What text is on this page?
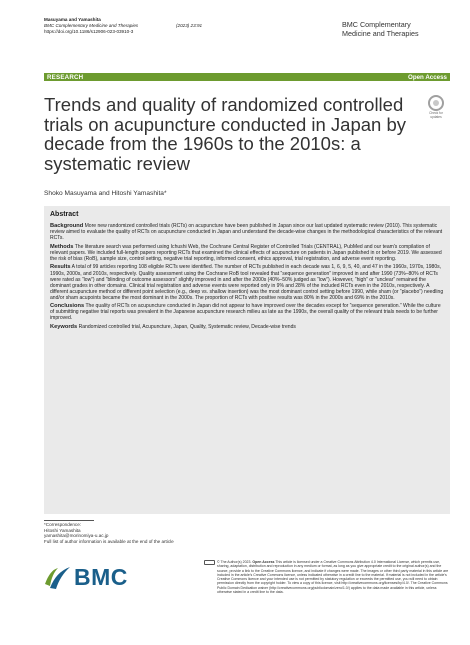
Masuyama and Yamashita
BMC Complementary Medicine and Therapies	(2023) 23:91
https://doi.org/10.1186/s12906-023-03910-3
BMC Complementary
Medicine and Therapies
RESEARCH	Open Access
Trends and quality of randomized controlled trials on acupuncture conducted in Japan by decade from the 1960s to the 2010s: a systematic review
Check for
updates
Shoko Masuyama and Hitoshi Yamashita*
Abstract

Background More new randomized controlled trials (RCTs) on acupuncture have been published in Japan since our last updated systematic review (2010). This systematic review aimed to evaluate the quality of RCTs on acupuncture conducted in Japan and understand the decade-wise changes in the methodological characteristics of the relevant RCTs.

Methods The literature search was performed using Ichushi Web, the Cochrane Central Register of Controlled Trials (CENTRAL), PubMed and our team's compilation of relevant papers. We included full-length papers reporting RCTs that examined the clinical effects of acupuncture on patients in Japan published in or before 2019. We assessed the risk of bias (RoB), sample size, control setting, negative trial reporting, informed consent, ethics approval, trial registration, and adverse event reporting.

Results A total of 99 articles reporting 108 eligible RCTs were identified. The number of RCTs published in each decade was 1, 6, 9, 5, 40, and 47 in the 1960s, 1970s, 1980s, 1990s, 2000s, and 2010s, respectively. Quality assessment using the Cochrane RoB tool revealed that “sequence generation” improved in and after 1990 (73%–80% of RCTs were rated as “low”) and “blinding of outcome assessors” slightly improved in and after the 2000s (40%–50% judged as “low”). However, “high” or “unclear” remained the dominant grades in other domains. Clinical trial registration and adverse events were reported only in 9% and 28% of the included RCTs even in the 2010s, respectively. A different acupuncture method or different point selection (e.g., deep vs. shallow insertion) was the most dominant control setting before 1990, while sham (or “placebo”) needling and/or sham acupoints became the most dominant in the 2000s. The proportion of RCTs with positive results was 80% in the 2000s and 69% in the 2010s.

Conclusions The quality of RCTs on acupuncture conducted in Japan did not appear to have improved over the decades except for “sequence generation.” While the culture of submitting negative trial reports was prevalent in the Japanese acupuncture research milieu as late as the 1990s, the overall quality of the relevant trials needs to be further improved.

Keywords Randomized controlled trial, Acupuncture, Japan, Quality, Systematic review, Decade-wise trends

*Correspondence:
Hitoshi Yamashita
yamashita@morinomiya-u.ac.jp
Full list of author information is available at the end of the article
BMC
© The Author(s) 2023. Open Access This article is licensed under a Creative Commons Attribution 4.0 International License, which permits use, sharing, adaptation, distribution and reproduction in any medium or format, as long as you give appropriate credit to the original author(s) and the source, provide a link to the Creative Commons licence, and indicate if changes were made. The images or other third party material in this article are included in the article's Creative Commons licence, unless indicated otherwise in a credit line to the material. If material is not included in the article's Creative Commons licence and your intended use is not permitted by statutory regulation or exceeds the permitted use, you will need to obtain permission directly from the copyright holder. To view a copy of this licence, visit http://creativecommons.org/licenses/by/4.0/. The Creative Commons Public Domain Dedication waiver (http://creativecommons.org/publicdomain/zero/1.0/) applies to the data made available in this article, unless otherwise stated in a credit line to the data.
